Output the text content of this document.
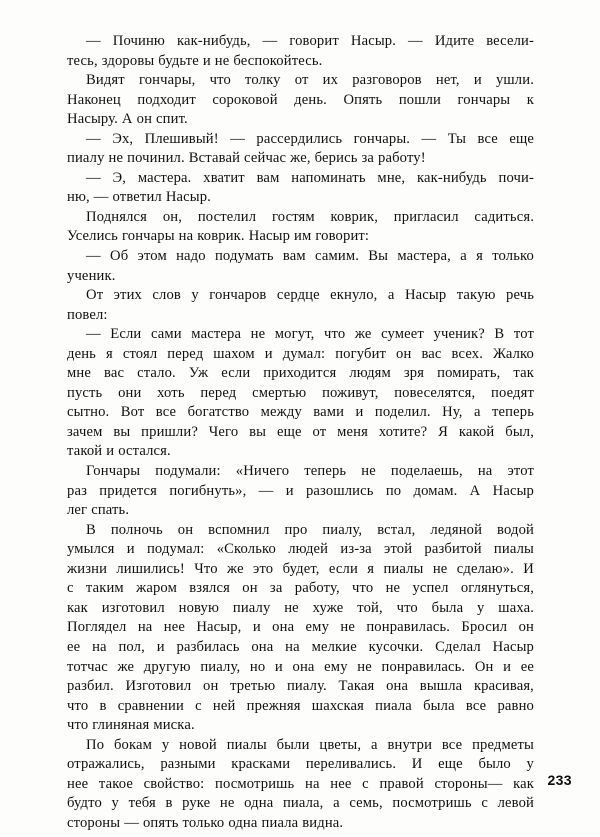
— Починю как-нибудь, — говорит Насыр. — Идите весели-
тесь, здоровы будьте и не беспокойтесь.

Видят гончары, что толку от их разговоров нет, и ушли.
Наконец подходит сороковой день. Опять пошли гончары к
Насыру. А он спит.

— Эх, Плешивый! — рассердились гончары. — Ты все еще
пиалу не починил. Вставай сейчас же, берись за работу!

— Э, мастера. хватит вам напоминать мне, как-нибудь почи-
ню, — ответил Насыр.

Поднялся он, постелил гостям коврик, пригласил садиться.
Уселись гончары на коврик. Насыр им говорит:

— Об этом надо подумать вам самим. Вы мастера, а я только
ученик.

От этих слов у гончаров сердце екнуло, а Насыр такую речь
повел:

— Если сами мастера не могут, что же сумеет ученик? В тот
день я стоял перед шахом и думал: погубит он вас всех. Жалко
мне вас стало. Уж если приходится людям зря помирать, так
пусть они хоть перед смертью поживут, повеселятся, поедят
сытно. Вот все богатство между вами и поделил. Ну, а теперь
зачем вы пришли? Чего вы еще от меня хотите? Я какой был,
такой и остался.

Гончары подумали: «Ничего теперь не поделаешь, на этот
раз придется погибнуть», — и разошлись по домам. А Насыр
лег спать.

В полночь он вспомнил про пиалу, встал, ледяной водой
умылся и подумал: «Сколько людей из-за этой разбитой пиалы
жизни лишились! Что же это будет, если я пиалы не сделаю». И
с таким жаром взялся он за работу, что не успел оглянуться,
как изготовил новую пиалу не хуже той, что была у шаха.
Поглядел на нее Насыр, и она ему не понравилась. Бросил он
ее на пол, и разбилась она на мелкие кусочки. Сделал Насыр
тотчас же другую пиалу, но и она ему не понравилась. Он и ее
разбил. Изготовил он третью пиалу. Такая она вышла красивая,
что в сравнении с ней прежняя шахская пиала была все равно
что глиняная миска.

По бокам у новой пиалы были цветы, а внутри все предметы
отражались, разными красками переливались. И еще было у
нее такое свойство: посмотришь на нее с правой стороны— как
будто у тебя в руке не одна пиала, а семь, посмотришь с левой
стороны — опять только одна пиала видна.

233
